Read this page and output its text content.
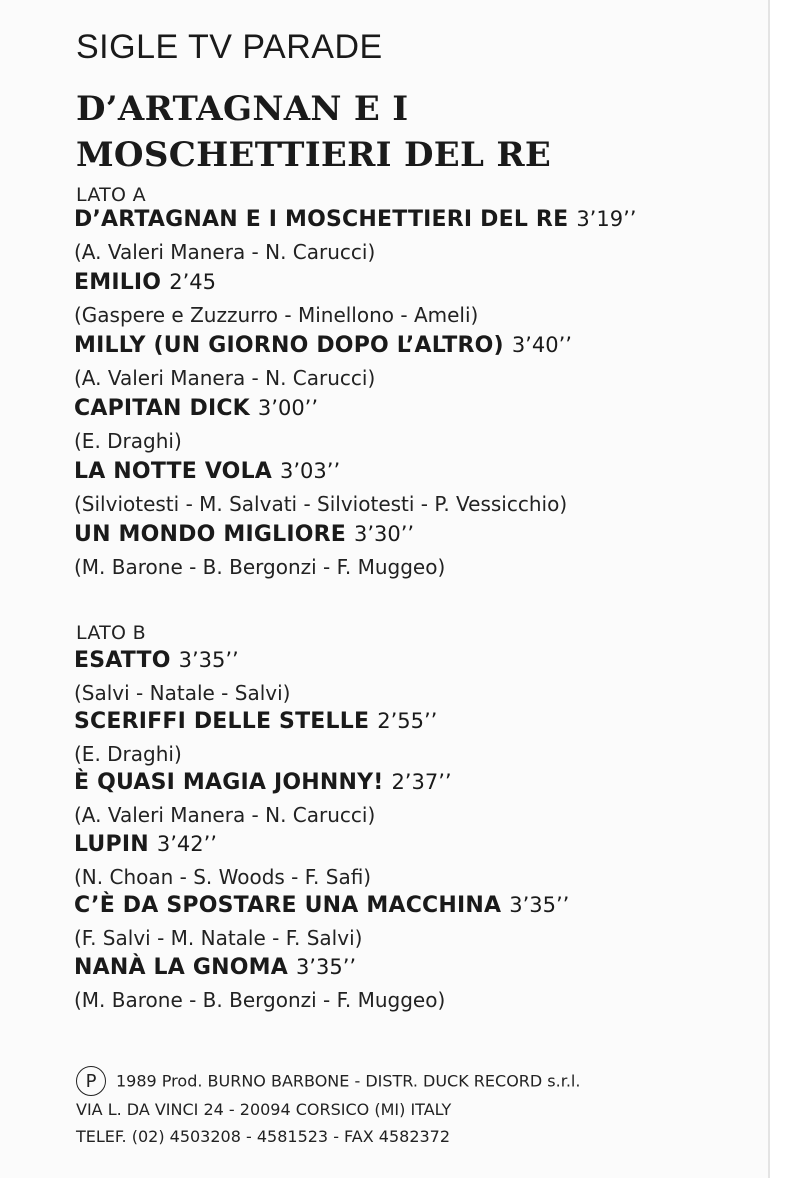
SIGLE TV PARADE
D’ARTAGNAN E I
MOSCHETTIERI DEL RE
LATO A
D’ARTAGNAN E I MOSCHETTIERI DEL RE 3’19’’
(A. Valeri Manera - N. Carucci)
EMILIO 2’45
(Gaspere e Zuzzurro - Minellono - Ameli)
MILLY (UN GIORNO DOPO L’ALTRO) 3’40’’
(A. Valeri Manera - N. Carucci)
CAPITAN DICK 3’00’’
(E. Draghi)
LA NOTTE VOLA 3’03’’
(Silviotesti - M. Salvati - Silviotesti - P. Vessicchio)
UN MONDO MIGLIORE 3’30’’
(M. Barone - B. Bergonzi - F. Muggeo)
LATO B
ESATTO 3’35’’
(Salvi - Natale - Salvi)
SCERIFFI DELLE STELLE 2’55’’
(E. Draghi)
È QUASI MAGIA JOHNNY! 2’37’’
(A. Valeri Manera - N. Carucci)
LUPIN 3’42’’
(N. Choan - S. Woods - F. Safi)
C’È DA SPOSTARE UNA MACCHINA 3’35’’
(F. Salvi - M. Natale - F. Salvi)
NANÀ LA GNOMA 3’35’’
(M. Barone - B. Bergonzi - F. Muggeo)
P 1989 Prod. BURNO BARBONE - DISTR. DUCK RECORD s.r.l.
VIA L. DA VINCI 24 - 20094 CORSICO (MI) ITALY
TELEF. (02) 4503208 - 4581523 - FAX 4582372
